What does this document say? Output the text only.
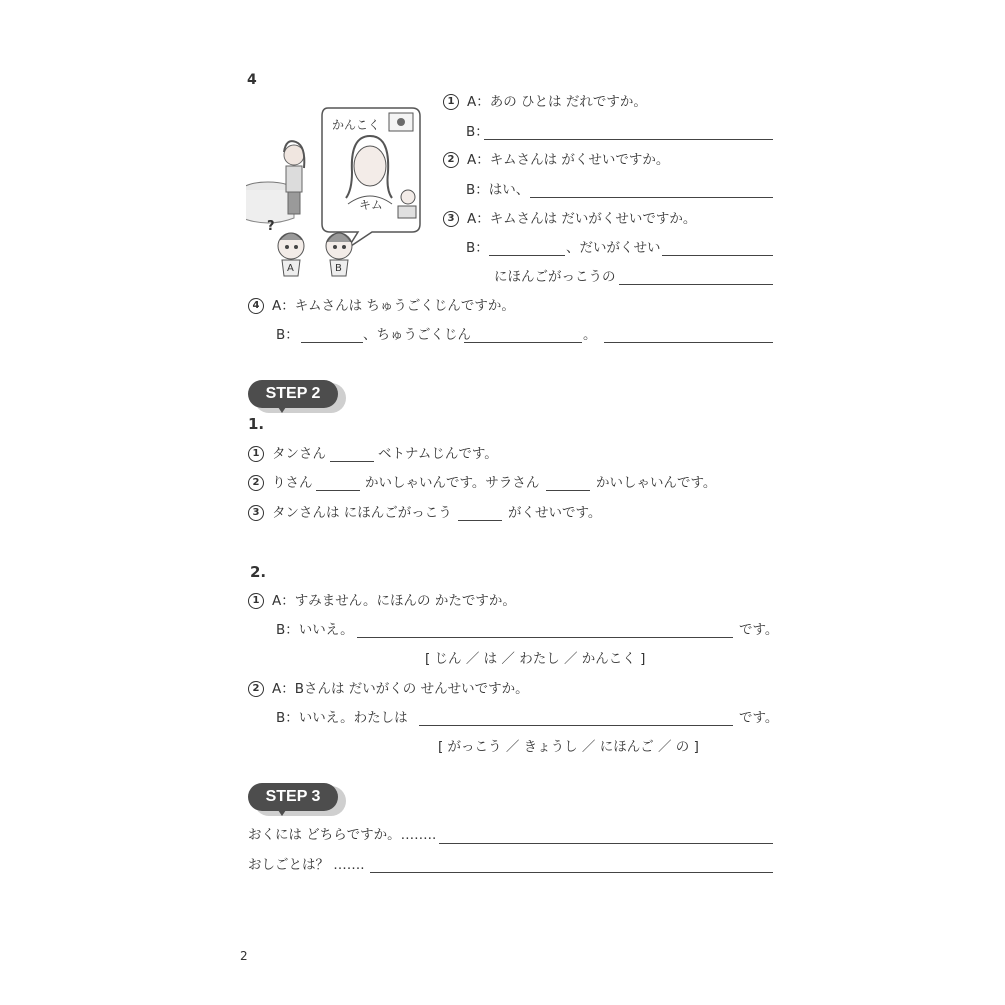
4
かんこく
キム
?
A	B
1 A：あの ひとは だれですか。
B：
2 A：キムさんは がくせいですか。
B：はい、
3 A：キムさんは だいがくせいですか。
B：	、だいがくせい
にほんごがっこうの
4 A：キムさんは ちゅうごくじんですか。
B：	、ちゅうごくじん	。
STEP 2
1.
1 タンさん	ベトナムじんです。
2 りさん	かいしゃいんです。サラさん	かいしゃいんです。
3 タンさんは にほんごがっこう	がくせいです。
2.
1 A：すみません。にほんの かたですか。
B：いいえ。	です。
[ じん ／ は ／ わたし ／ かんこく ]
2 A：Bさんは だいがくの せんせいですか。
B：いいえ。わたしは	です。
[ がっこう ／ きょうし ／ にほんご ／ の ]
STEP 3
おくには どちらですか。……..
おしごとは？ …….
2
